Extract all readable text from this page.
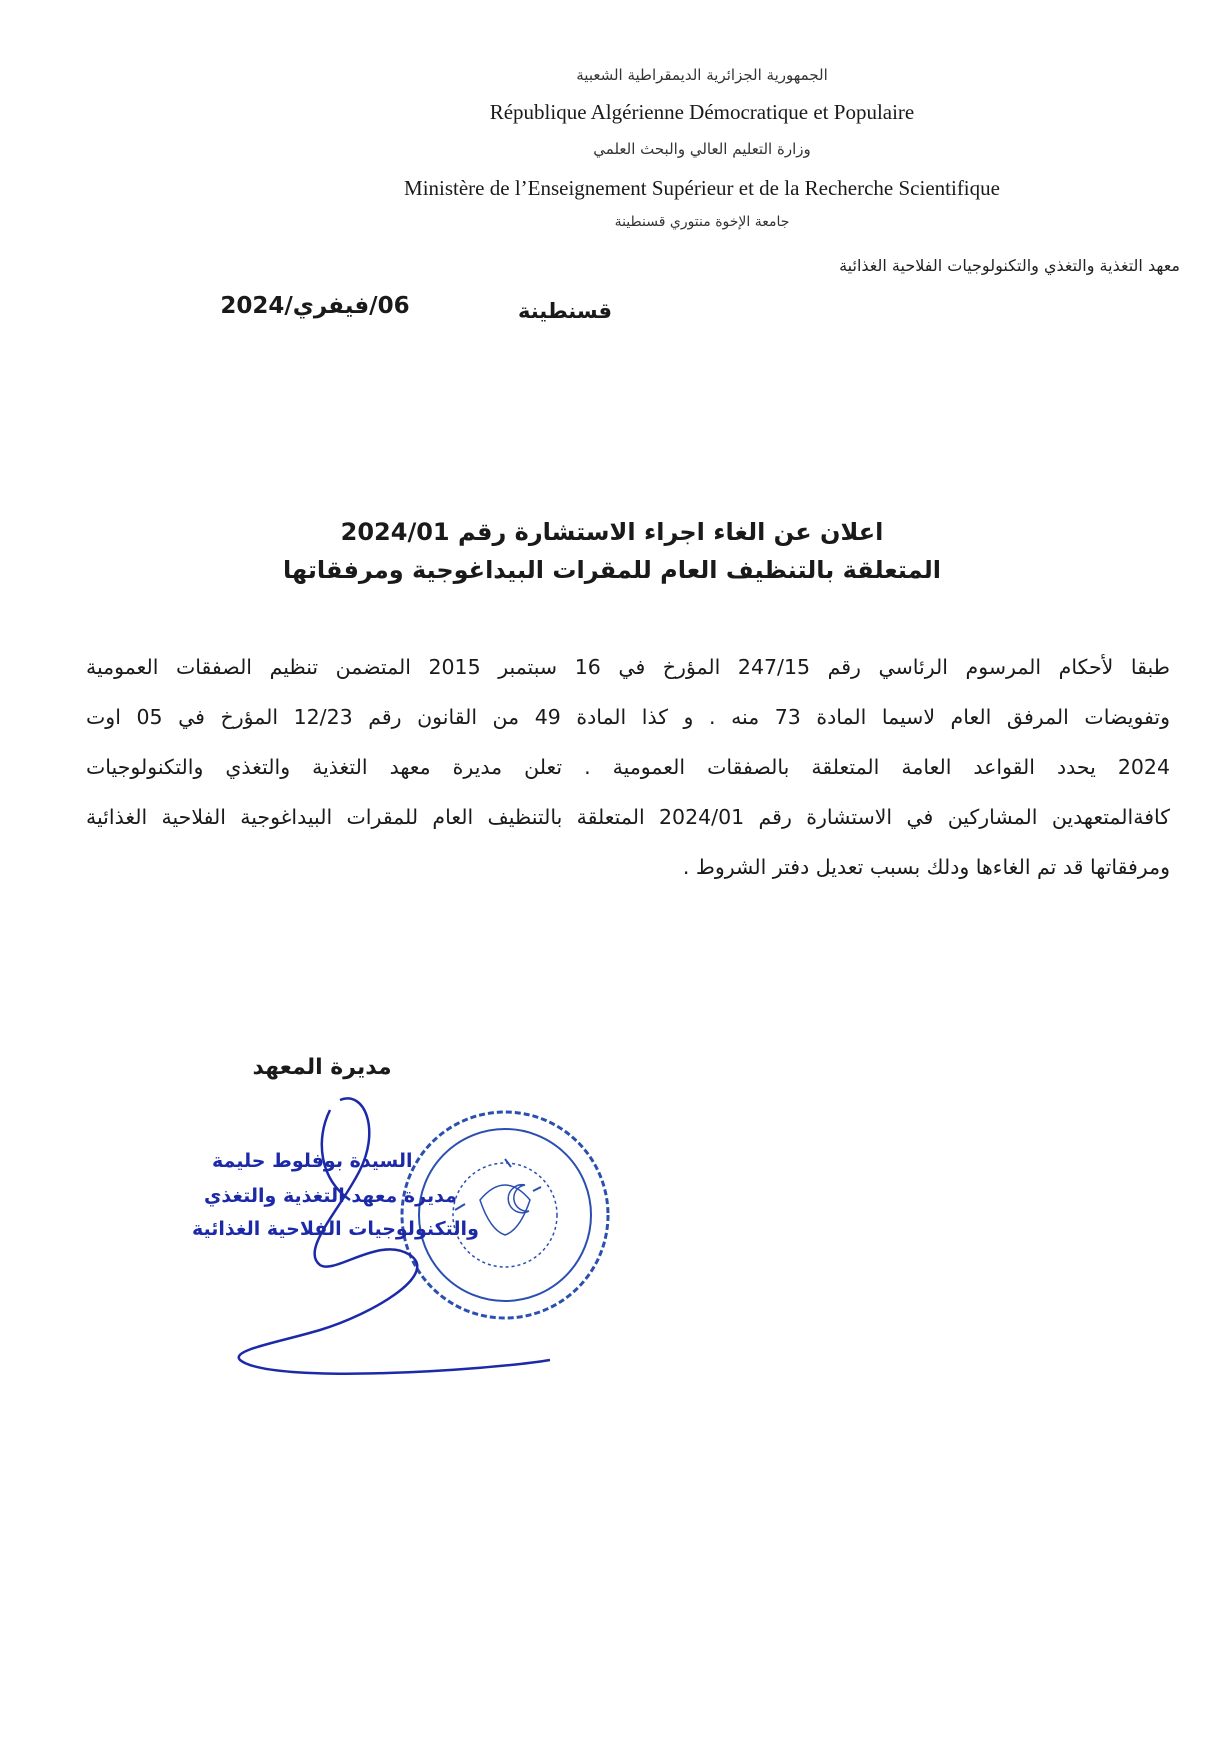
الجمهورية الجزائرية الديمقراطية الشعبية
République Algérienne Démocratique et Populaire
وزارة التعليم العالي والبحث العلمي
Ministère de l’Enseignement Supérieur et de la Recherche Scientifique
جامعة الإخوة منتوري قسنطينة
معهد التغذية والتغذي والتكنولوجيات الفلاحية الغذائية
قسنطينة
06/فيفري/2024
اعلان عن الغاء اجراء الاستشارة رقم 2024/01
المتعلقة بالتنظيف العام للمقرات البيداغوجية ومرفقاتها
طبقا لأحكام المرسوم الرئاسي رقم 247/15 المؤرخ في 16 سبتمبر 2015 المتضمن تنظيم الصفقات العمومية
وتفويضات المرفق العام لاسيما المادة 73 منه . و كذا المادة 49 من القانون رقم 12/23 المؤرخ في 05 اوت
2024 يحدد القواعد العامة المتعلقة بالصفقات العمومية . تعلن مديرة معهد التغذية والتغذي والتكنولوجيات
كافةالمتعهدين المشاركين في الاستشارة رقم 2024/01 المتعلقة بالتنظيف العام للمقرات البيداغوجية الفلاحية الغذائية
ومرفقاتها قد تم الغاءها ودلك بسبب تعديل دفتر الشروط .
مديرة المعهد
السيدة بوفلوط حليمة
مديرة معهد التغذية والتغذي
والتكنولوجيات الفلاحية الغذائية
